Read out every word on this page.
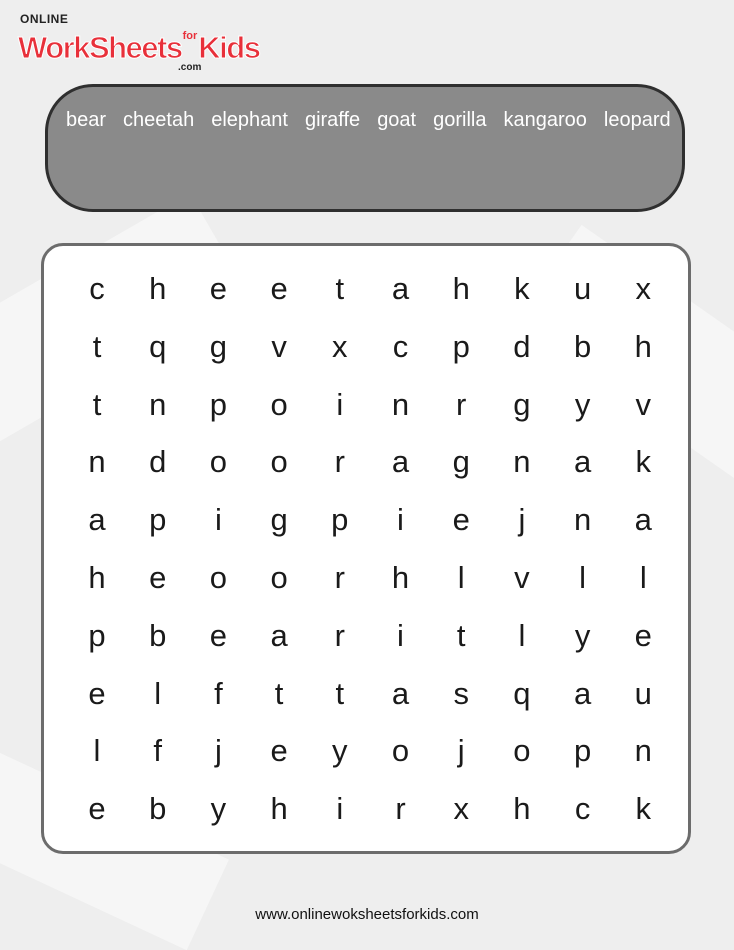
ONLINE
WorkSheets$^{for}$Kids
.com
bear cheetah elephant giraffe goat gorilla kangaroo leopard
c	h	e	e	t	a	h	k	u	x
t	q	g	v	x	c	p	d	b	h
t	n	p	o	i	n	r	g	y	v
n	d	o	o	r	a	g	n	a	k
a	p	i	g	p	i	e	j	n	a
h	e	o	o	r	h	l	v	l	l
p	b	e	a	r	i	t	l	y	e
e	l	f	t	t	a	s	q	a	u
l	f	j	e	y	o	j	o	p	n
e	b	y	h	i	r	x	h	c	k
www.onlinewoksheetsforkids.com
